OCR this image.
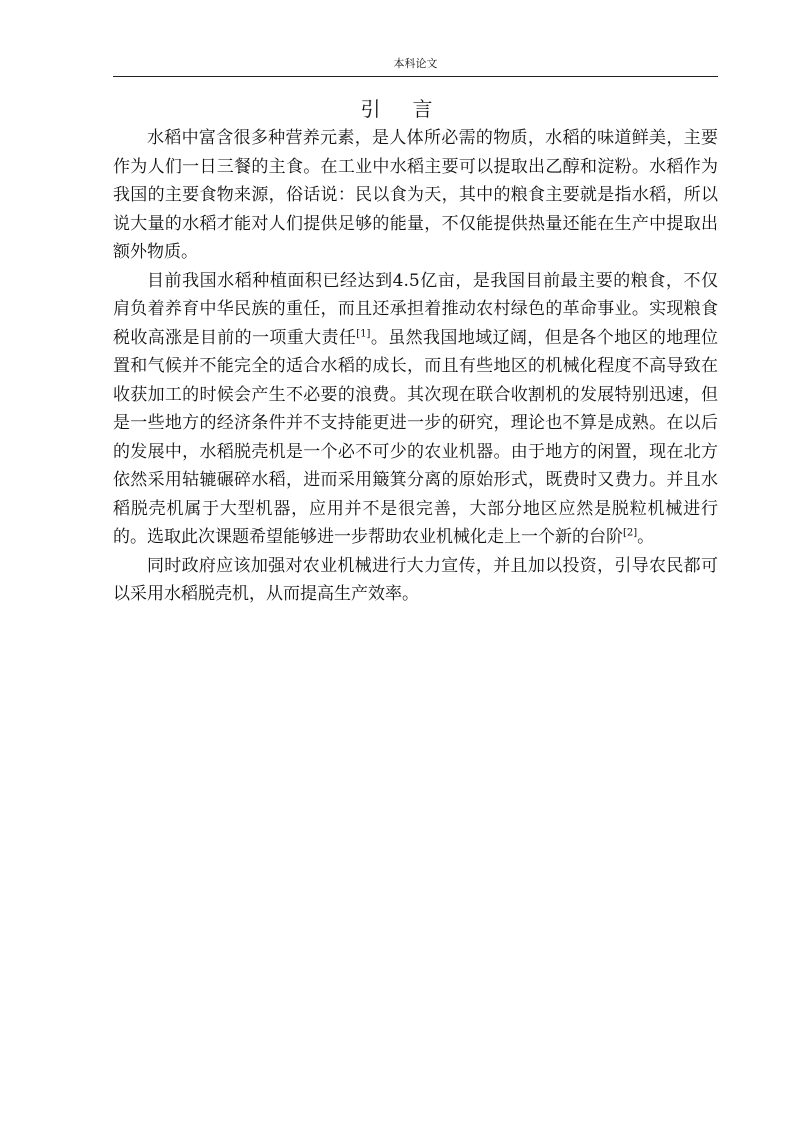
本科论文
引言

水稻中富含很多种营养元素，是人体所必需的物质，水稻的味道鲜美，主要作为人们一日三餐的主食。在工业中水稻主要可以提取出乙醇和淀粉。水稻作为我国的主要食物来源，俗话说：民以食为天，其中的粮食主要就是指水稻，所以说大量的水稻才能对人们提供足够的能量，不仅能提供热量还能在生产中提取出额外物质。

目前我国水稻种植面积已经达到4.5亿亩，是我国目前最主要的粮食，不仅肩负着养育中华民族的重任，而且还承担着推动农村绿色的革命事业。实现粮食税收高涨是目前的一项重大责任[1]。虽然我国地域辽阔，但是各个地区的地理位置和气候并不能完全的适合水稻的成长，而且有些地区的机械化程度不高导致在收获加工的时候会产生不必要的浪费。其次现在联合收割机的发展特别迅速，但是一些地方的经济条件并不支持能更进一步的研究，理论也不算是成熟。在以后的发展中，水稻脱壳机是一个必不可少的农业机器。由于地方的闲置，现在北方依然采用轱辘碾碎水稻，进而采用簸箕分离的原始形式，既费时又费力。并且水稻脱壳机属于大型机器，应用并不是很完善，大部分地区应然是脱粒机械进行的。选取此次课题希望能够进一步帮助农业机械化走上一个新的台阶[2]。

同时政府应该加强对农业机械进行大力宣传，并且加以投资，引导农民都可以采用水稻脱壳机，从而提高生产效率。
